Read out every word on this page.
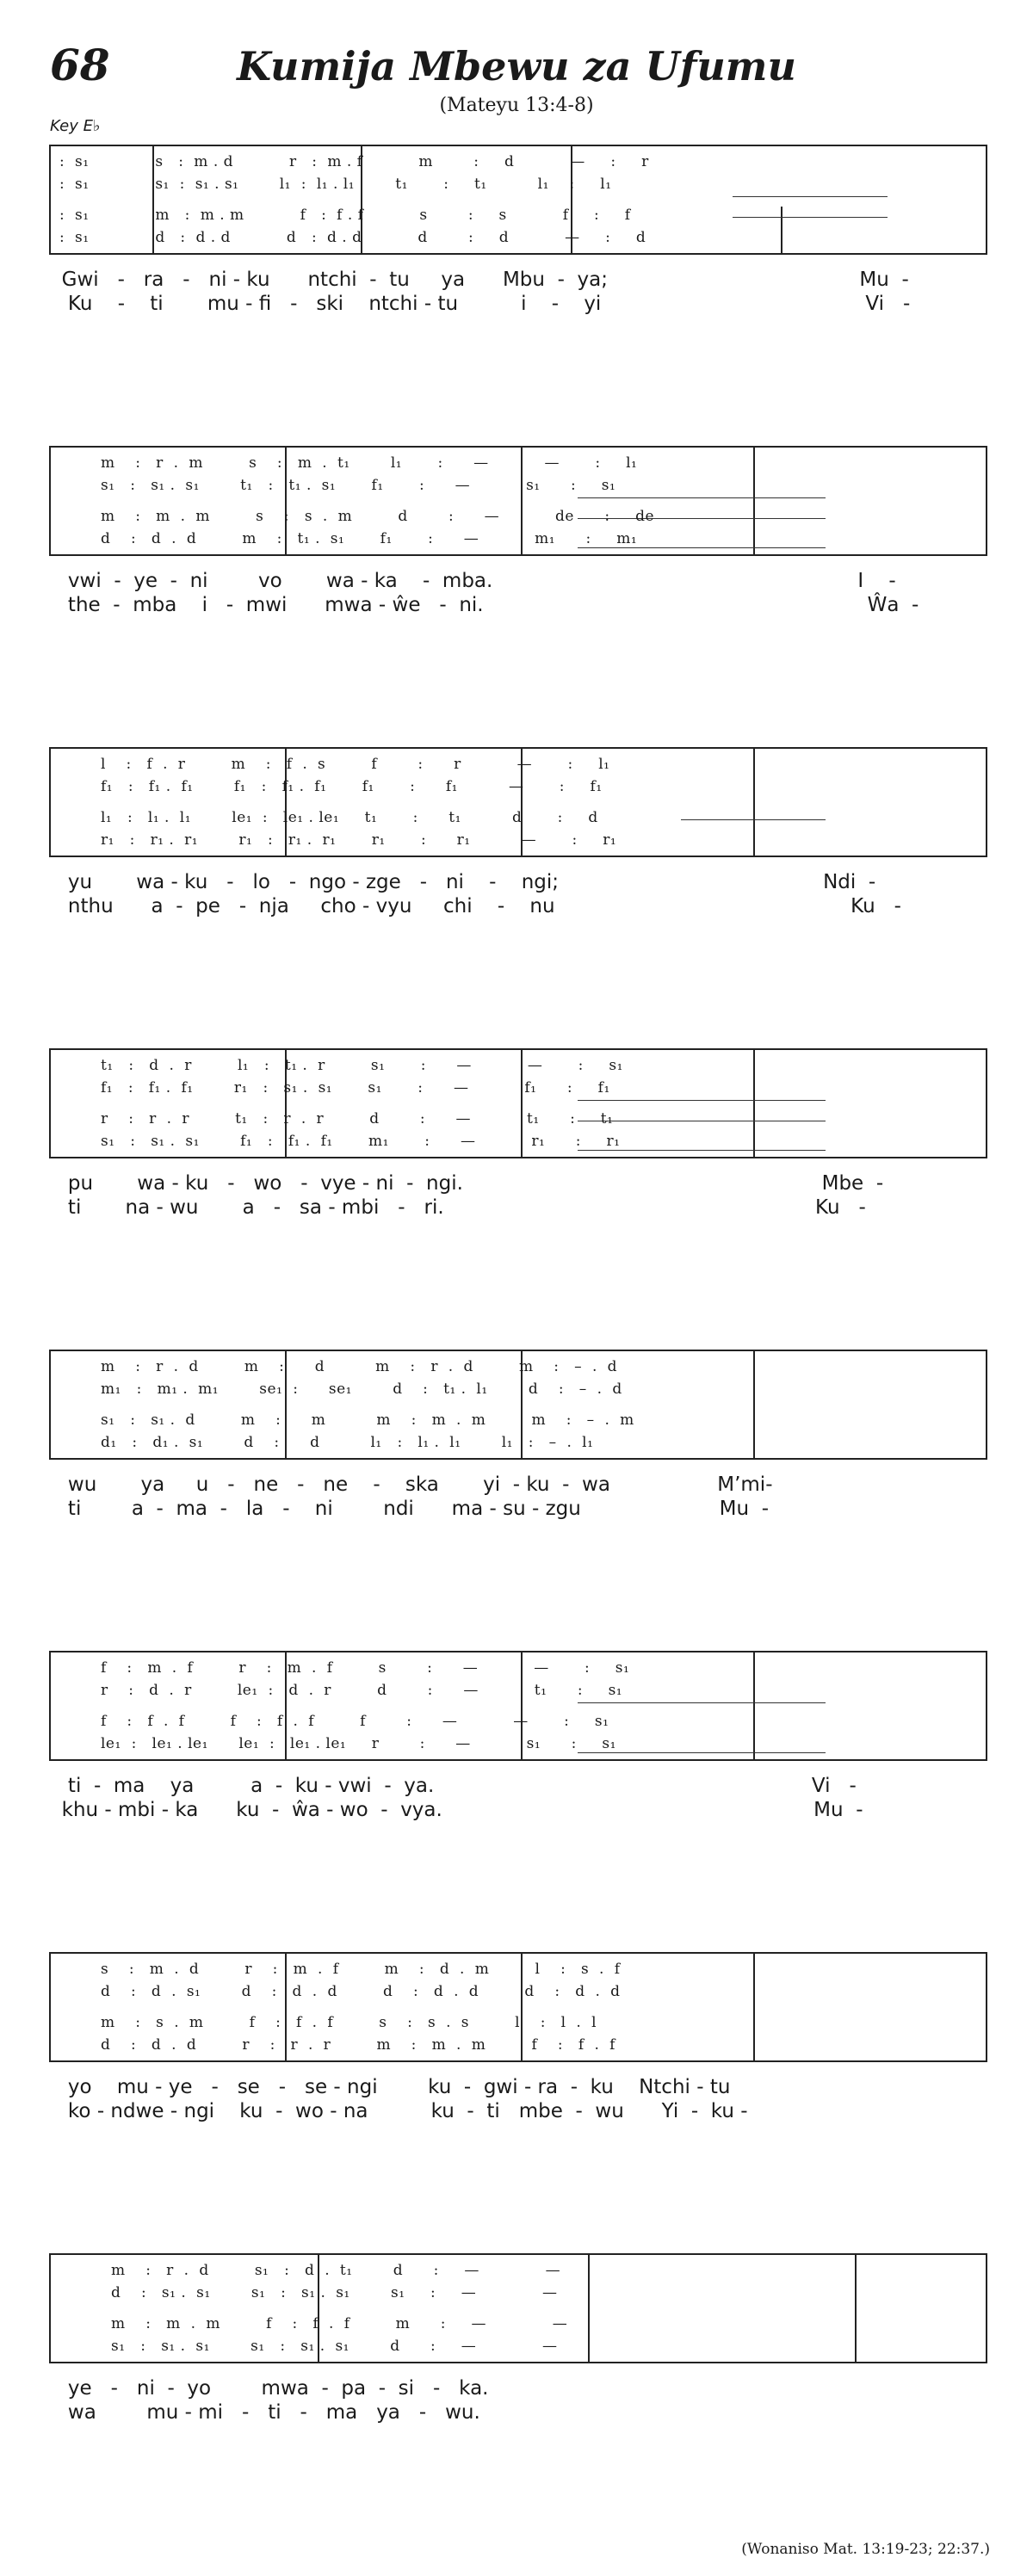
68	Kumija Mbewu za Ufumu
(Mateyu 13:4-8)
Key E♭
:  s₁             s   :  m . d           r   :  m . f           m        :     d           —     :     r
:  s₁             s₁  :  s₁ . s₁        l₁  :  l₁ . l₁        t₁       :     t₁          l₁    :     l₁
:  s₁             m   :  m . m           f   :  f . f           s        :     s           f     :     f
:  s₁             d   :  d . d           d   :  d . d           d        :     d           —     :     d
Gwi   -   ra   -   ni - ku      ntchi  -  tu     ya      Mbu  -  ya;                                        Mu  -
Ku    -    ti       mu - fi   -   ski    ntchi - tu          i    -    yi                                          Vi   -
m    :   r  .  m         s    :   m  .  t₁        l₁       :      —           —       :     l₁
s₁   :   s₁ .  s₁        t₁   :   t₁ .  s₁       f₁       :      —           s₁      :     s₁
m    :   m  .  m         s    :   s  .  m         d        :      —           de      :     de
d    :   d  .  d         m    :   t₁ .  s₁       f₁       :      —           m₁      :     m₁
vwi  -  ye  -  ni        vo       wa - ka    -  mba.                                                          I    -
the  -  mba    i   -  mwi      mwa - ŵe   -  ni.                                                             Ŵa  -
l    :   f  .  r         m    :   f  .  s         f        :      r           —       :     l₁
f₁   :   f₁ .  f₁        f₁   :   f₁ .  f₁       f₁       :      f₁          —       :     f₁
l₁   :   l₁ .  l₁        le₁  :   le₁ . le₁     t₁       :      t₁          d       :     d
r₁   :   r₁ .  r₁        r₁   :   r₁ .  r₁       r₁       :      r₁          —       :     r₁
yu       wa - ku   -   lo   -  ngo - zge   -   ni    -    ngi;                                          Ndi  -
nthu      a  -  pe   -  nja     cho - vyu     chi    -    nu                                               Ku   -
t₁   :   d  .  r         l₁   :   t₁ .  r         s₁       :      —           —       :     s₁
f₁   :   f₁ .  f₁        r₁   :   s₁ .  s₁       s₁       :      —           f₁      :     f₁
r    :   r  .  r         t₁   :   r  .  r         d        :      —           t₁      :     t₁
s₁   :   s₁ .  s₁        f₁   :   f₁ .  f₁       m₁       :      —           r₁      :     r₁
pu       wa - ku   -   wo   -  vye - ni  -  ngi.                                                         Mbe  -
ti       na - wu       a   -   sa - mbi   -   ri.                                                           Ku   -
m    :   r  .  d         m    :      d          m    :   r  .  d         m    :   –  .  d
m₁   :   m₁ .  m₁        se₁  :      se₁        d    :   t₁ .  l₁        d    :   –  .  d
s₁   :   s₁ .  d         m    :      m          m    :   m  .  m         m    :   –  .  m
d₁   :   d₁ .  s₁        d    :      d          l₁   :   l₁ .  l₁        l₁   :   –  .  l₁
wu       ya     u   -   ne   -   ne    -    ska       yi  - ku  -  wa                 M’mi-
ti        a  -  ma  -   la   -    ni        ndi      ma - su - zgu                      Mu  -
f    :   m  .  f         r    :   m  .  f         s        :      —           —       :     s₁
r    :   d  .  r         le₁  :   d  .  r         d        :      —           t₁      :     s₁
f    :   f  .  f         f    :   f  .  f         f        :      —           —       :     s₁
le₁  :   le₁ . le₁      le₁  :   le₁ . le₁     r        :      —           s₁      :     s₁
ti  -  ma    ya         a  -  ku - vwi  -  ya.                                                            Vi   -
khu - mbi - ka      ku  -  ŵa - wo  -  vya.                                                           Mu  -
s    :   m  .  d         r    :   m  .  f         m    :   d  .  m         l    :   s  .  f
d    :   d  .  s₁        d    :   d  .  d         d    :   d  .  d         d    :   d  .  d
m    :   s  .  m         f    :   f  .  f         s    :   s  .  s         l    :   l  .  l
d    :   d  .  d         r    :   r  .  r         m    :   m  .  m         f    :   f  .  f
yo    mu - ye   -   se   -   se - ngi        ku  -  gwi - ra  -  ku    Ntchi - tu
ko - ndwe - ngi    ku  -  wo - na          ku  -  ti   mbe  -  wu      Yi  -  ku -
m    :   r  .  d         s₁   :   d  .  t₁        d      :     —             —
d    :   s₁ .  s₁        s₁   :   s₁ .  s₁        s₁     :     —             —
m    :   m  .  m         f    :   f  .  f         m      :     —             —
s₁   :   s₁ .  s₁        s₁   :   s₁ .  s₁        d      :     —             —
ye   -   ni  -  yo        mwa  -  pa  -  si   -   ka.
wa        mu - mi   -   ti   -   ma   ya   -   wu.
(Wonaniso Mat. 13:19-23; 22:37.)
